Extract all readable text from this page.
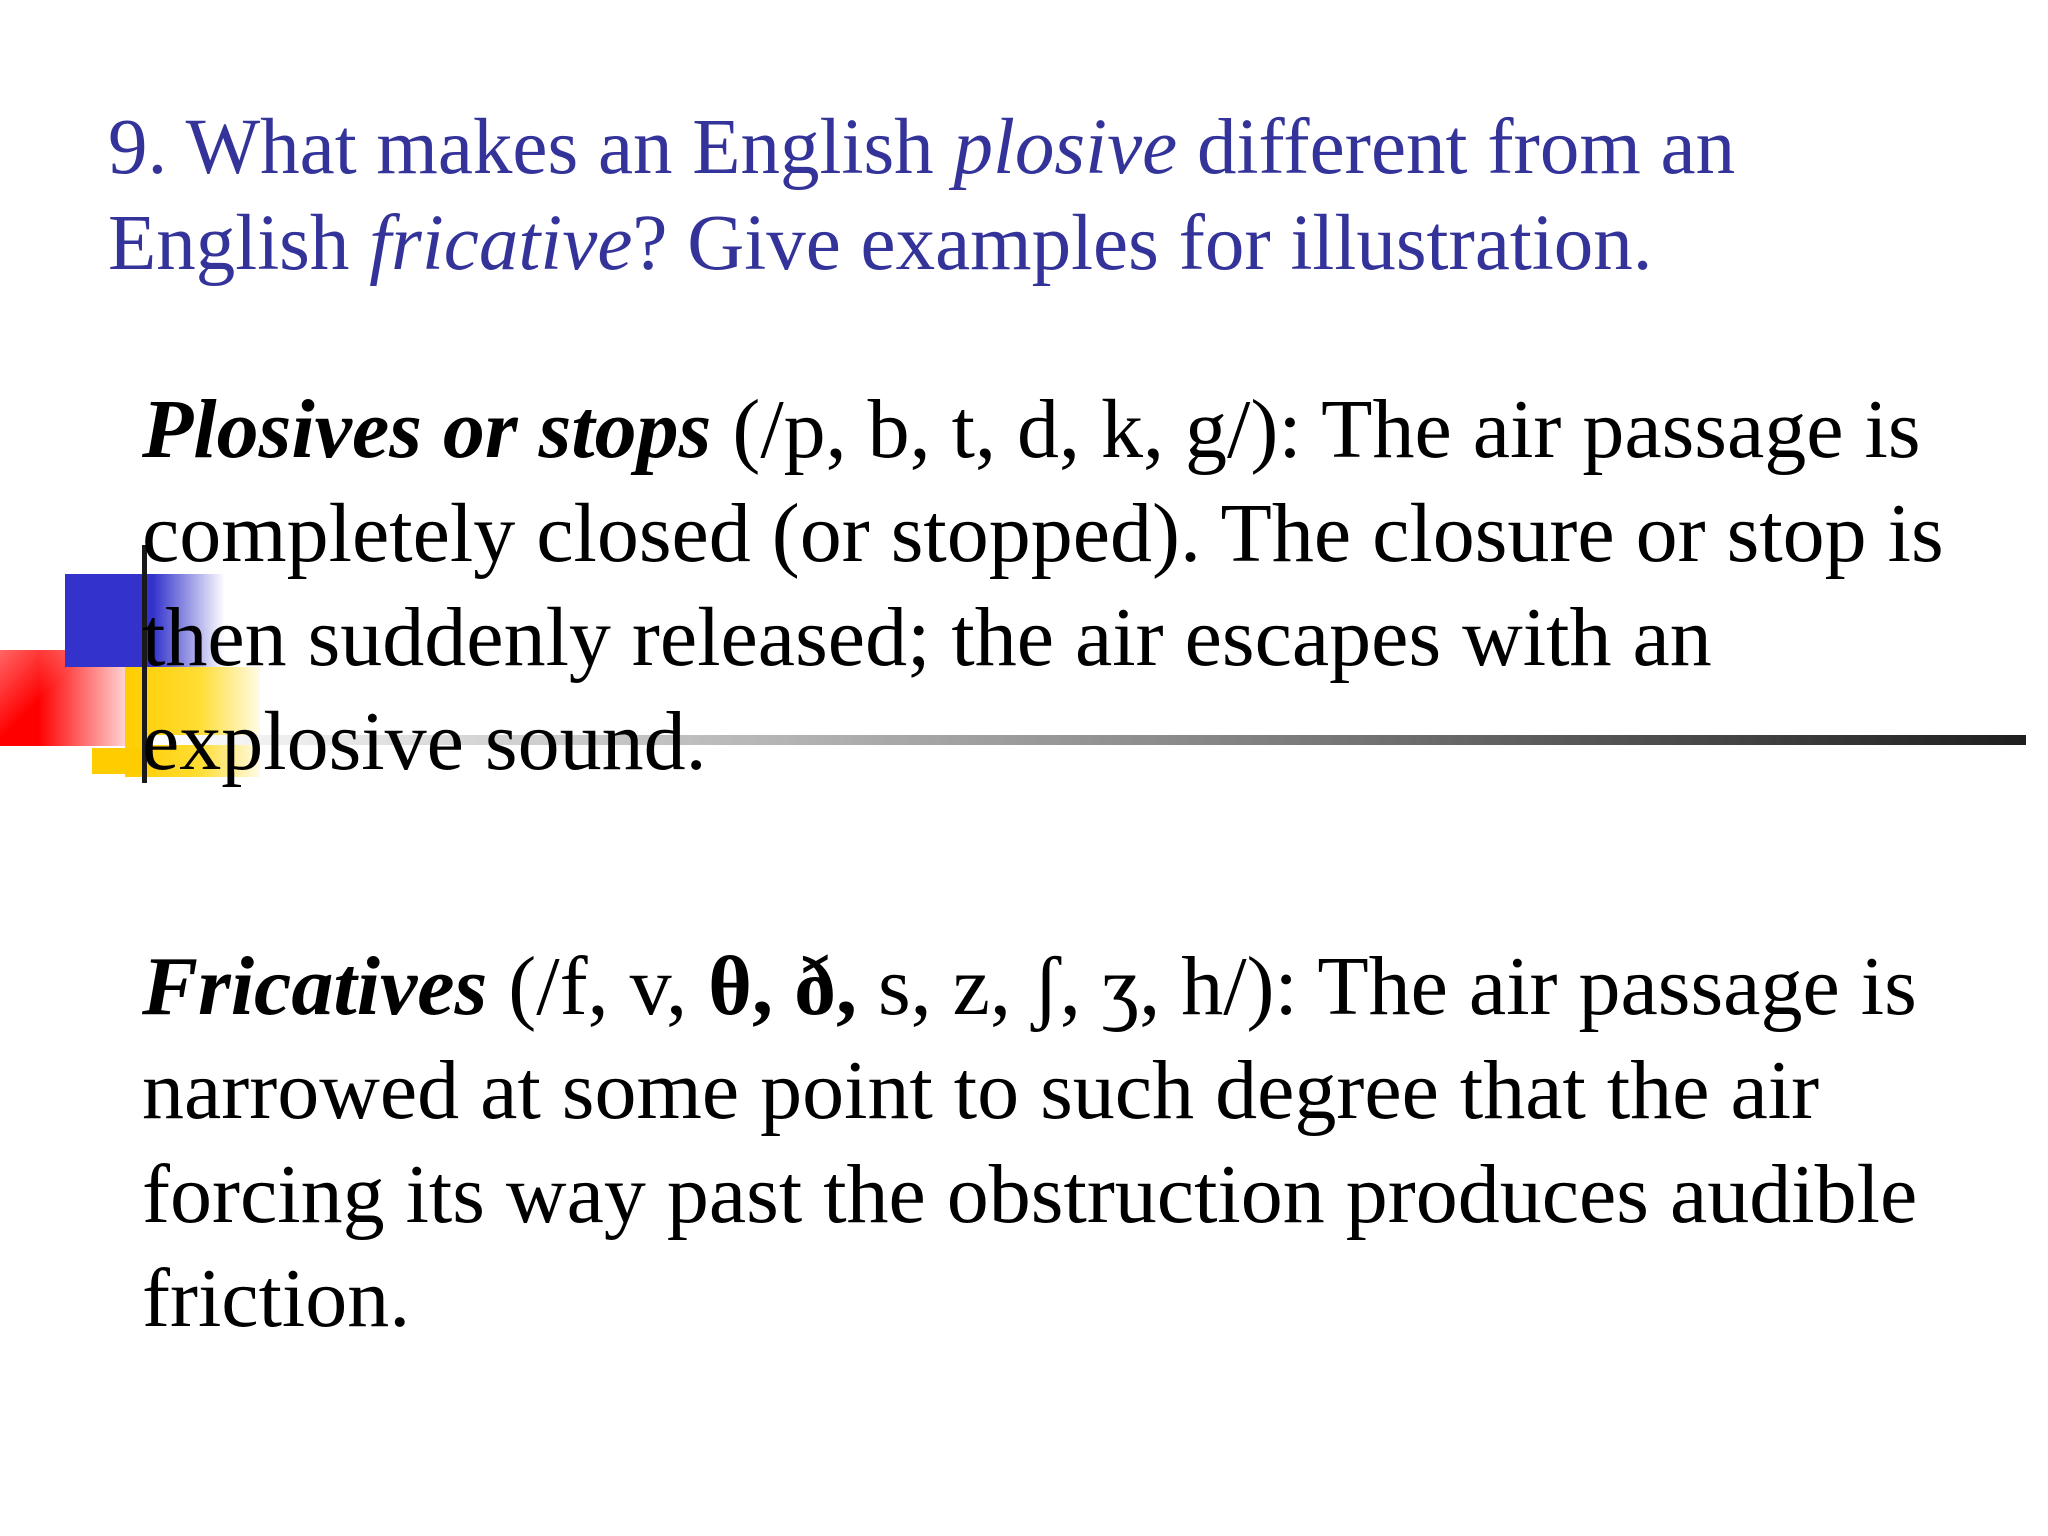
9. What makes an English plosive different from an English fricative? Give examples for illustration.

Plosives or stops (/p, b, t, d, k, g/): The air passage is completely closed (or stopped). The closure or stop is then suddenly released; the air escapes with an explosive sound.

Fricatives (/f, v, θ, ð, s, z, ʃ, ʒ, h/): The air passage is narrowed at some point to such degree that the air forcing its way past the obstruction produces audible friction.
